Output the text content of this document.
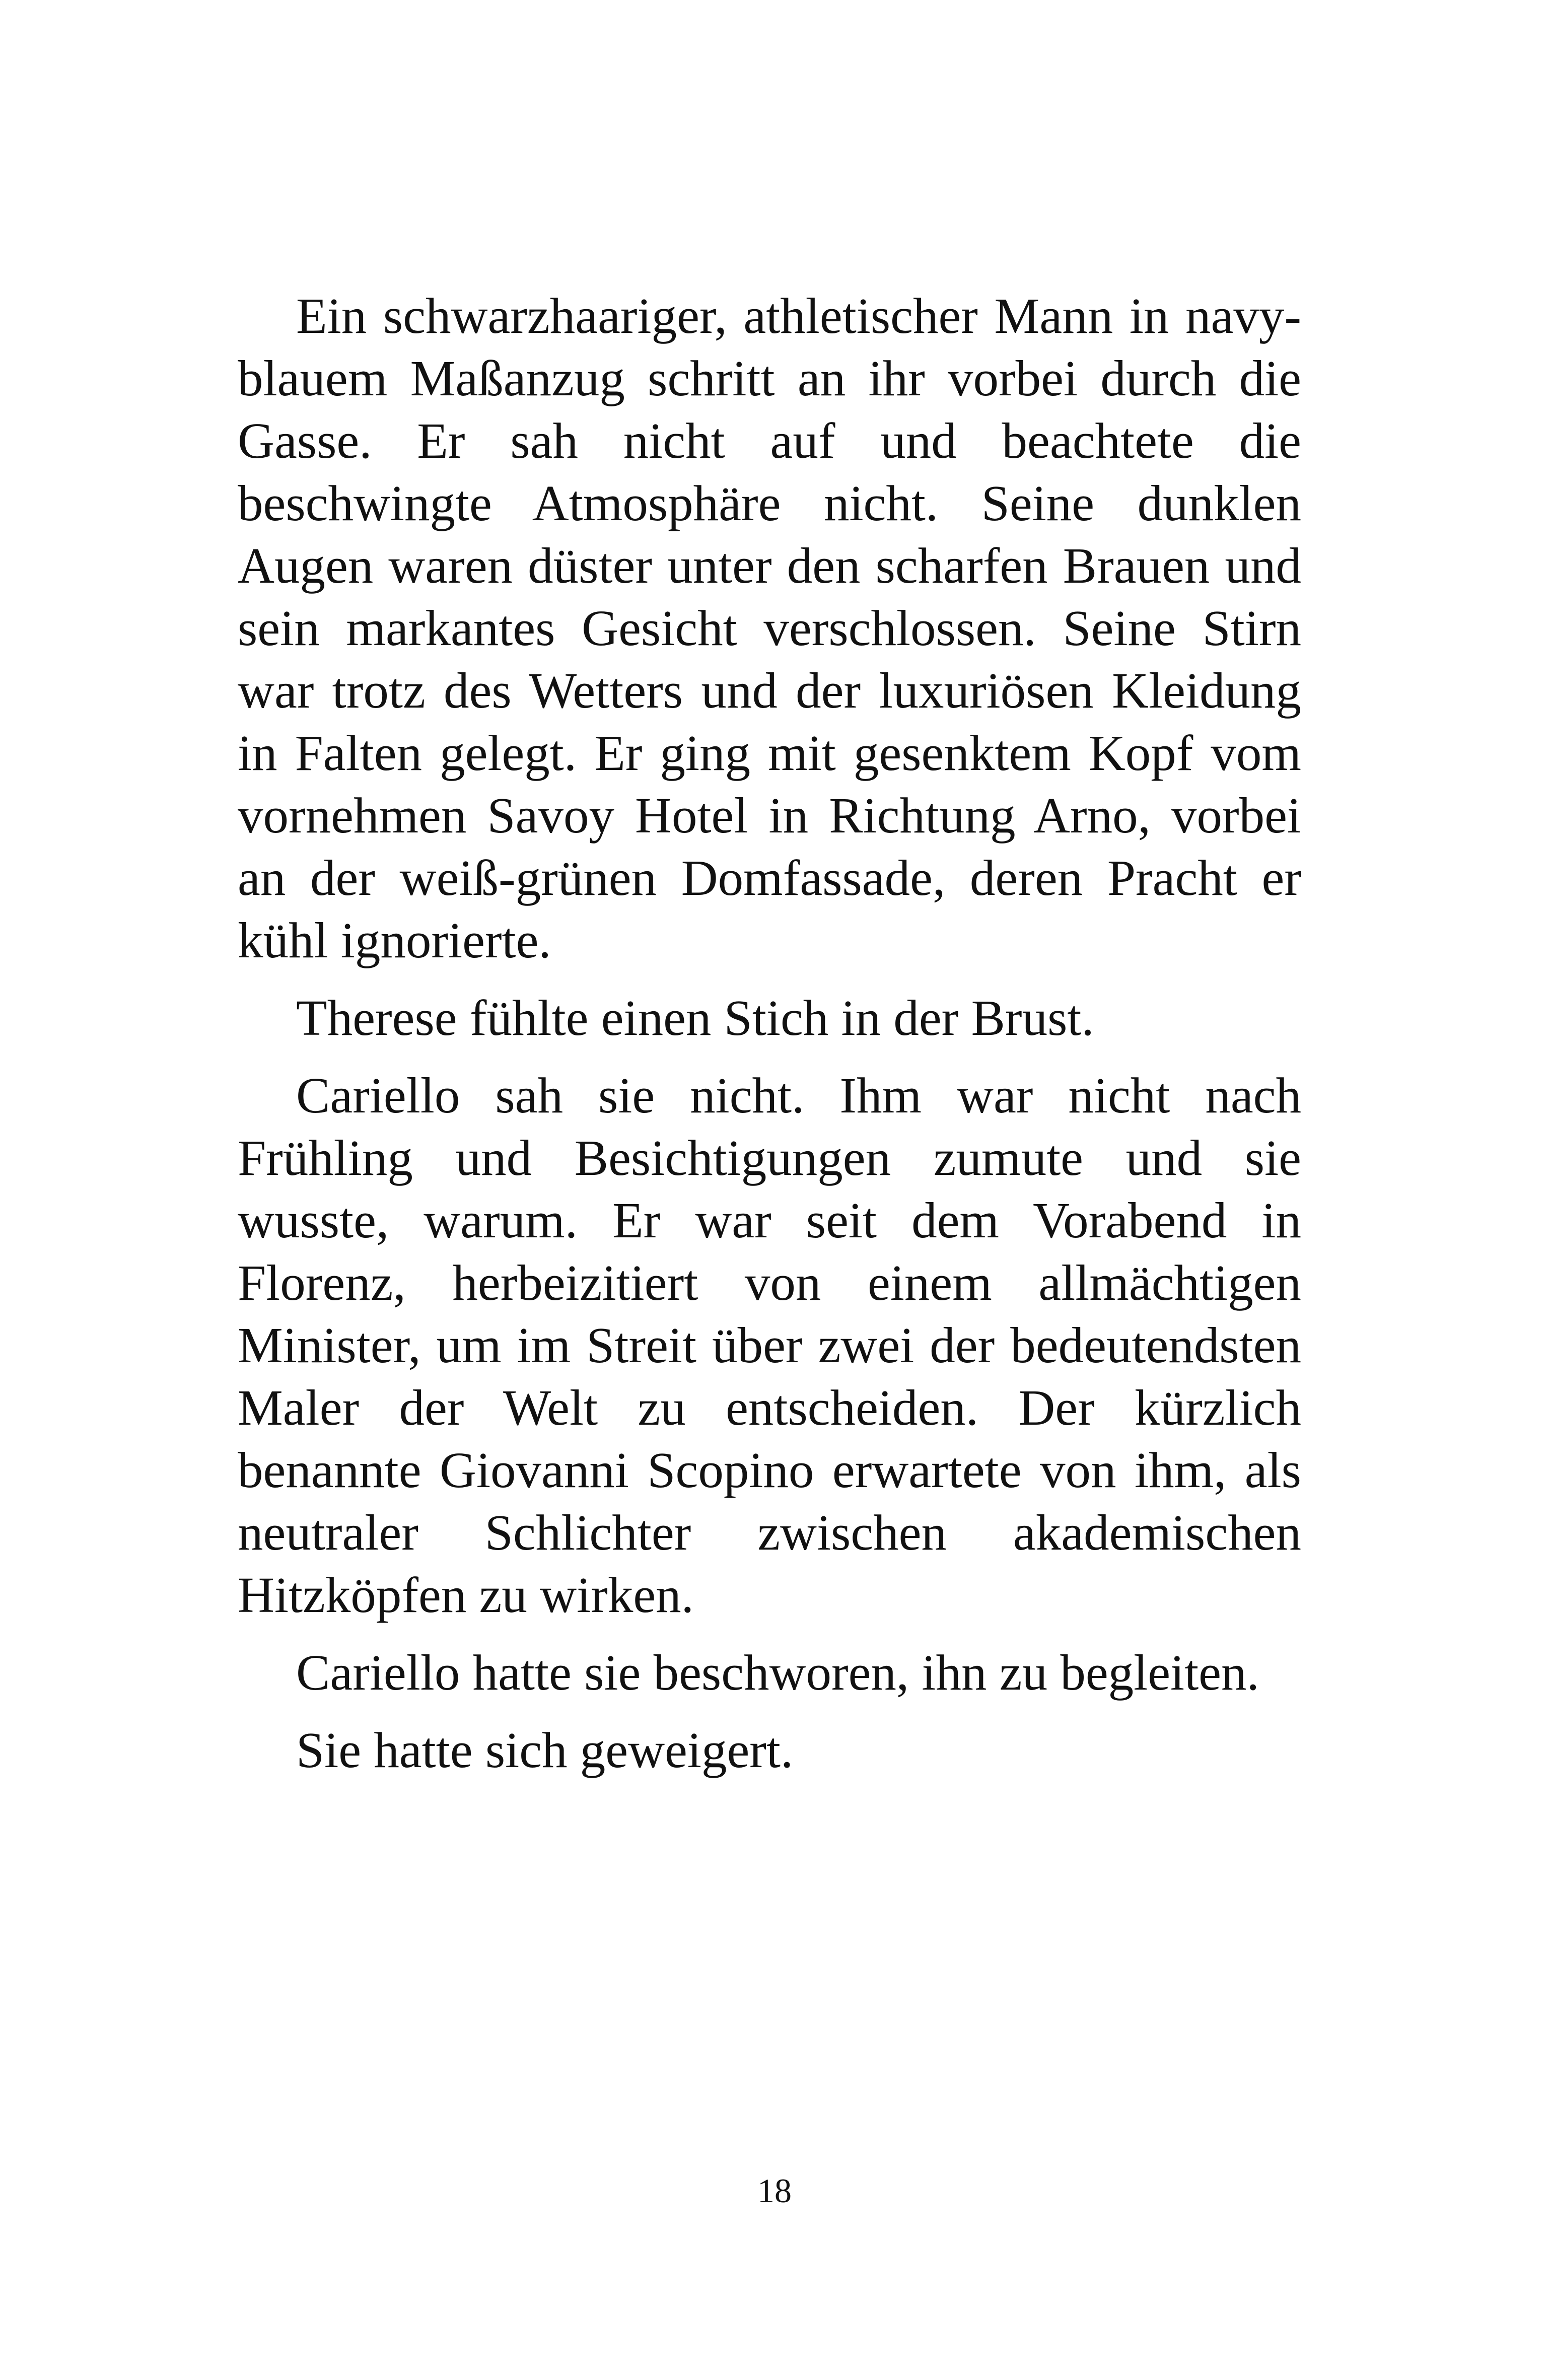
Ein schwarzhaariger, athletischer Mann in navy-blauem Maßanzug schritt an ihr vorbei durch die Gasse. Er sah nicht auf und beachtete die beschwingte Atmosphäre nicht. Seine dunklen Augen waren düster unter den scharfen Brauen und sein markantes Gesicht verschlossen. Seine Stirn war trotz des Wetters und der luxuriösen Kleidung in Falten gelegt. Er ging mit gesenktem Kopf vom vornehmen Savoy Hotel in Richtung Arno, vorbei an der weiß-grünen Domfassade, deren Pracht er kühl ignorierte.

Therese fühlte einen Stich in der Brust.

Cariello sah sie nicht. Ihm war nicht nach Frühling und Besichtigungen zumute und sie wusste, warum. Er war seit dem Vorabend in Florenz, herbeizitiert von einem allmächtigen Minister, um im Streit über zwei der bedeutendsten Maler der Welt zu entscheiden. Der kürzlich benannte Giovanni Scopino erwartete von ihm, als neutraler Schlichter zwischen akademischen Hitzköpfen zu wirken.

Cariello hatte sie beschworen, ihn zu begleiten.

Sie hatte sich geweigert.

18
